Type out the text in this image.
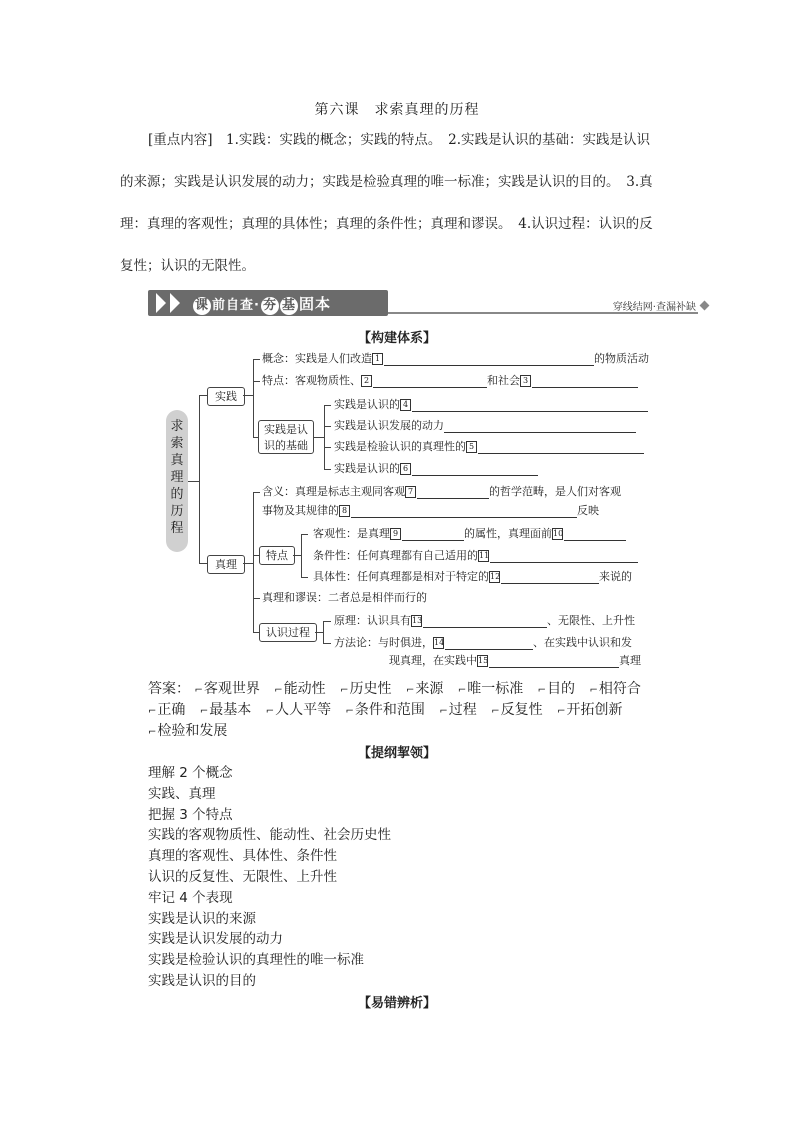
第六课　求索真理的历程
[重点内容]　 1.实践：实践的概念；实践的特点。　2.实践是认识的基础：实践是认识
的来源；实践是认识发展的动力；实践是检验真理的唯一标准；实践是认识的目的。　3.真
理：真理的客观性；真理的具体性；真理的条件性；真理和谬误。　4.认识过程：认识的反
复性；认识的无限性。
课 前自查· 夯 基 固本	穿线结网·查漏补缺
【构建体系】
求
索
真
理
的
历
程
实践
概念：实践是人们改造 1	的物质活动
特点：客观物质性、 2	和社会 3
实践是认识的基础
实践是认识的 4
实践是认识发展的动力
实践是检验认识的真理性的 5
实践是认识的 6
真理
含义：真理是标志主观同客观 7	的哲学范畴，是人们对客观
事物及其规律的 8	反映
特点
客观性：是真理 9	的属性，真理面前10
条件性：任何真理都有自己适用的11
具体性：任何真理都是相对于特定的12	来说的
真理和谬误：二者总是相伴而行的
认识过程
原理：认识具有13	、无限性、上升性
方法论：与时俱进，14	、在实践中认识和发
现真理，在实践中15	真理
答案： ⌐客观世界 ⌐能动性 ⌐历史性 ⌐来源 ⌐唯一标准 ⌐目的 ⌐相符合
⌐正确 ⌐最基本 ⌐人人平等 ⌐条件和范围 ⌐过程 ⌐反复性 ⌐开拓创新
⌐检验和发展
【提纲挈领】
理解 2 个概念
实践、真理
把握 3 个特点
实践的客观物质性、能动性、社会历史性
真理的客观性、具体性、条件性
认识的反复性、无限性、上升性
牢记 4 个表现
实践是认识的来源
实践是认识发展的动力
实践是检验认识的真理性的唯一标准
实践是认识的目的
【易错辨析】
